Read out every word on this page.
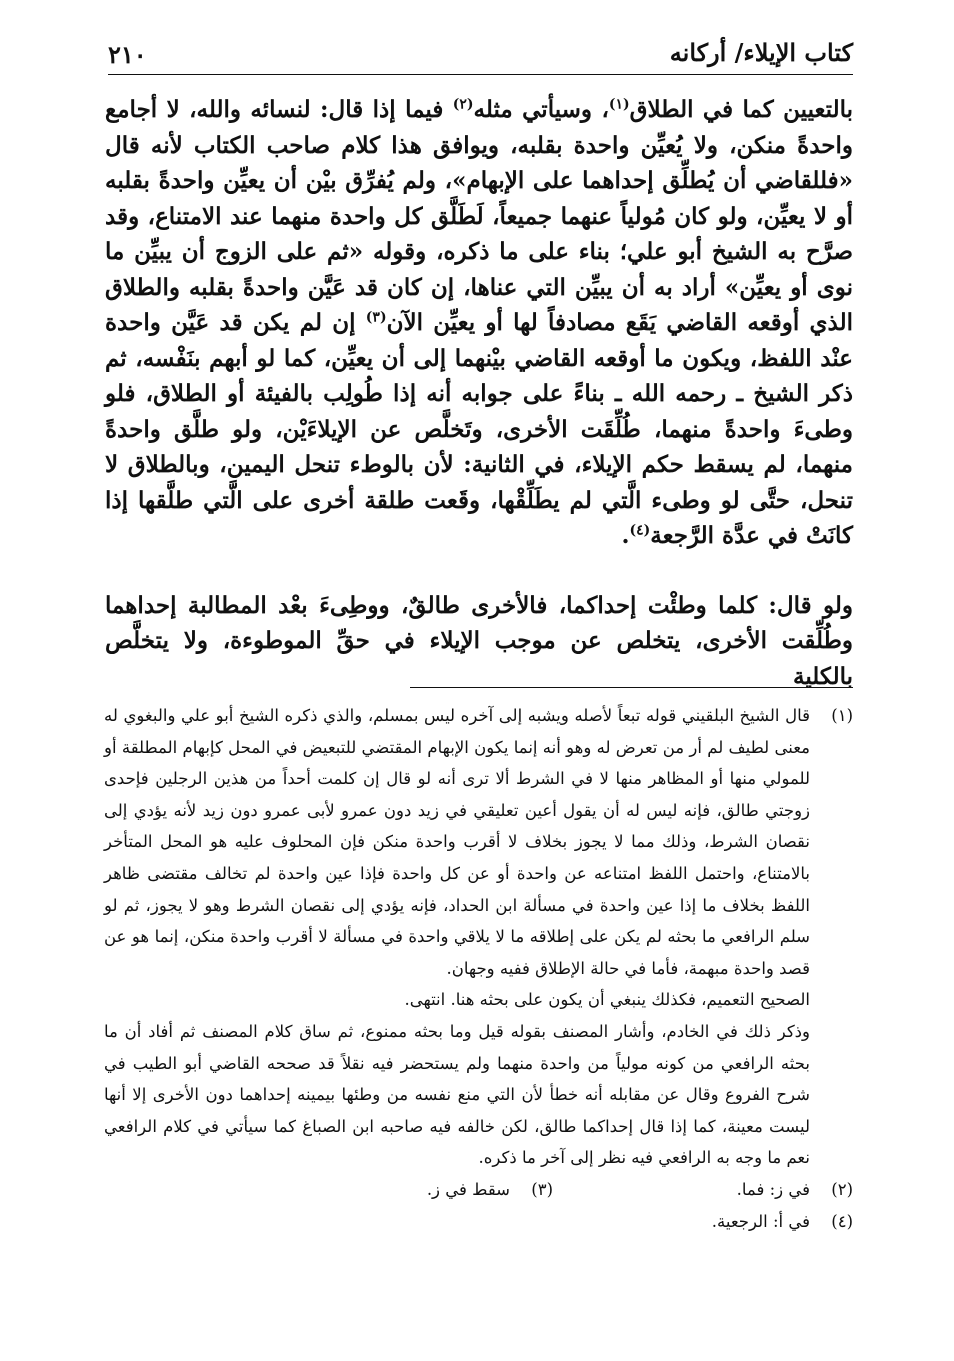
٢١٠	كتاب الإيلاء/ أركانه

بالتعيين كما في الطلاق$^{(١)}$، وسيأتي مثله$^{(٢)}$ فيما إذا قال: لنسائه والله، لا أجامع واحدةً منكن، ولا يُعيِّن واحدة بقلبه، ويوافق هذا كلام صاحب الكتاب لأنه قال «فللقاضي أن يُطلِّق إحداهما على الإبهام»، ولم يُفرِّق بيْن أن يعيِّن واحدةً بقلبه أو لا يعيِّن، ولو كان مُولياً عنهما جميعاً، لَطَلَّق كل واحدة منهما عند الامتناع، وقد صرَّح به الشيخ أبو علي؛ بناء على ما ذكره، وقوله «ثم على الزوج أن يبيِّن ما نوى أو يعيِّن» أراد به أن يبيِّن التي عناها، إن كان قد عَيَّن واحدةً بقلبه والطلاق الذي أوقعه القاضي يَقَع مصادفاً لها أو يعيِّن الآن$^{(٣)}$ إن لم يكن قد عَيَّن واحدة عنْد اللفظ، ويكون ما أوقعه القاضي بيْنهما إلى أن يعيِّن، كما لو أبهم بنَفْسه، ثم ذكر الشيخ ـ رحمه الله ـ بناءً على جوابه أنه إذا طُولِب بالفيئة أو الطلاق، فلو وطىءَ واحدةً منهما، طُلِّقَت الأخرى، وتَخلَّص عن الإيلاءَيْن، ولو طلَّق واحدةً منهما، لم يسقط حكم الإيلاء، في الثانية: لأن بالوطء تنحل اليمين، وبالطلاق لا تنحل، حتَّى لو وطىء الَّتي لم يطَلِّقْها، وقَعت طلقة أخرى على الَّتي طلَّقها إذا كانَتْ في عدَّة الرَّجعة$^{(٤)}$.

ولو قال: كلما وطئْت إحداكما، فالأخرى طالقٌ، ووطِىءَ بعْد المطالبة إحداهما وطُلِّقت الأخرى، يتخلص عن موجب الإيلاء في حقِّ الموطوءة، ولا يتخلَّص بالكلية

(١)

قال الشيخ البلقيني قوله تبعاً لأصله ويشبه إلى آخره ليس بمسلم، والذي ذكره الشيخ أبو علي والبغوي له معنى لطيف لم أر من تعرض له وهو أنه إنما يكون الإبهام المقتضي للتبعيض في المحل كإبهام المطلقة أو للمولي منها أو المظاهر منها لا في الشرط ألا ترى أنه لو قال إن كلمت أحداً من هذين الرجلين فإحدى زوجتي طالق، فإنه ليس له أن يقول أعين تعليقي في زيد دون عمرو لأبى عمرو دون زيد لأنه يؤدي إلى نقصان الشرط، وذلك مما لا يجوز بخلاف لا أقرب واحدة منكن فإن المحلوف عليه هو المحل المتأخر بالامتناع، واحتمل اللفظ امتناعه عن واحدة أو عن كل واحدة فإذا عين واحدة لم تخالف مقتضى ظاهر اللفظ بخلاف ما إذا عين واحدة في مسألة ابن الحداد، فإنه يؤدي إلى نقصان الشرط وهو لا يجوز، ثم لو سلم الرافعي ما بحثه لم يكن على إطلاقه ما لا يلاقي واحدة في مسألة لا أقرب واحدة منكن، إنما هو عن قصد واحدة مبهمة، فأما في حالة الإطلاق ففيه وجهان.

الصحيح التعميم، فكذلك ينبغي أن يكون على بحثه هنا. انتهى.

وذكر ذلك في الخادم، وأشار المصنف بقوله قيل وما بحثه ممنوع، ثم ساق كلام المصنف ثم أفاد أن ما بحثه الرافعي من كونه مولياً من واحدة منهما ولم يستحضر فيه نقلاً قد صححه القاضي أبو الطيب في شرح الفروع وقال عن مقابله أنه خطأ لأن التي منع نفسه من وطئها بيمينه إحداهما دون الأخرى إلا أنها ليست معينة، كما إذا قال إحداكما طالق، لكن خالفه فيه صاحبه ابن الصباغ كما سيأتي في كلام الرافعي نعم ما وجه به الرافعي فيه نظر إلى آخر ما ذكره.

(٢)
في ز: فما.
(٣)
سقط في ز.
(٤)
في أ: الرجعية.
